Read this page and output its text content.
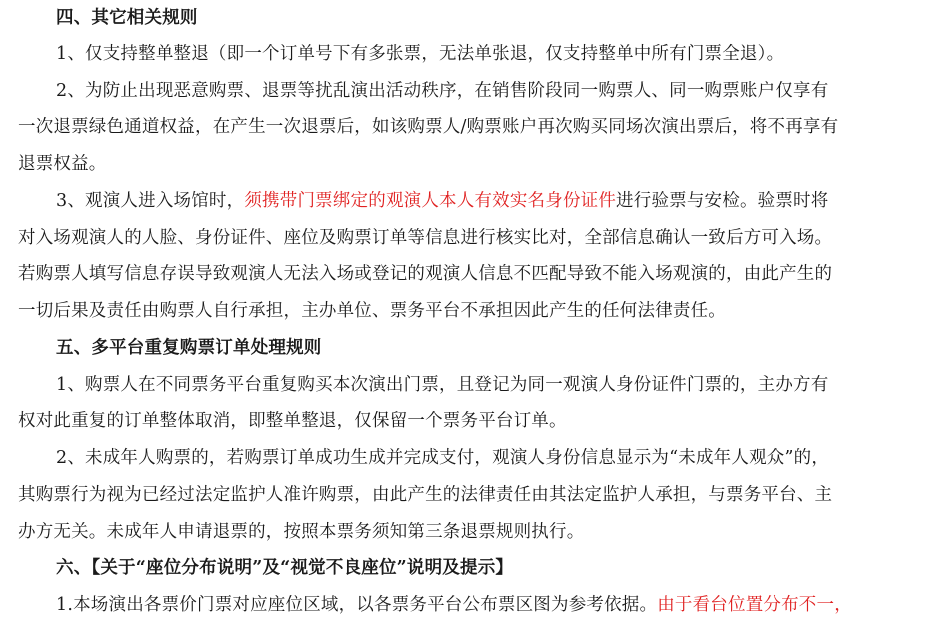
四、其它相关规则
1、仅支持整单整退（即一个订单号下有多张票，无法单张退，仅支持整单中所有门票全退）。
2、为防止出现恶意购票、退票等扰乱演出活动秩序，在销售阶段同一购票人、同一购票账户仅享有
一次退票绿色通道权益，在产生一次退票后，如该购票人/购票账户再次购买同场次演出票后，将不再享有
退票权益。
3、观演人进入场馆时，须携带门票绑定的观演人本人有效实名身份证件进行验票与安检。验票时将
对入场观演人的人脸、身份证件、座位及购票订单等信息进行核实比对，全部信息确认一致后方可入场。
若购票人填写信息存误导致观演人无法入场或登记的观演人信息不匹配导致不能入场观演的，由此产生的
一切后果及责任由购票人自行承担，主办单位、票务平台不承担因此产生的任何法律责任。
五、多平台重复购票订单处理规则
1、购票人在不同票务平台重复购买本次演出门票，且登记为同一观演人身份证件门票的，主办方有
权对此重复的订单整体取消，即整单整退，仅保留一个票务平台订单。
2、未成年人购票的，若购票订单成功生成并完成支付，观演人身份信息显示为“未成年人观众”的，
其购票行为视为已经过法定监护人准许购票，由此产生的法律责任由其法定监护人承担，与票务平台、主
办方无关。未成年人申请退票的，按照本票务须知第三条退票规则执行。
六、【关于“座位分布说明”及“视觉不良座位”说明及提示】
1.本场演出各票价门票对应座位区域，以各票务平台公布票区图为参考依据。由于看台位置分布不一，
